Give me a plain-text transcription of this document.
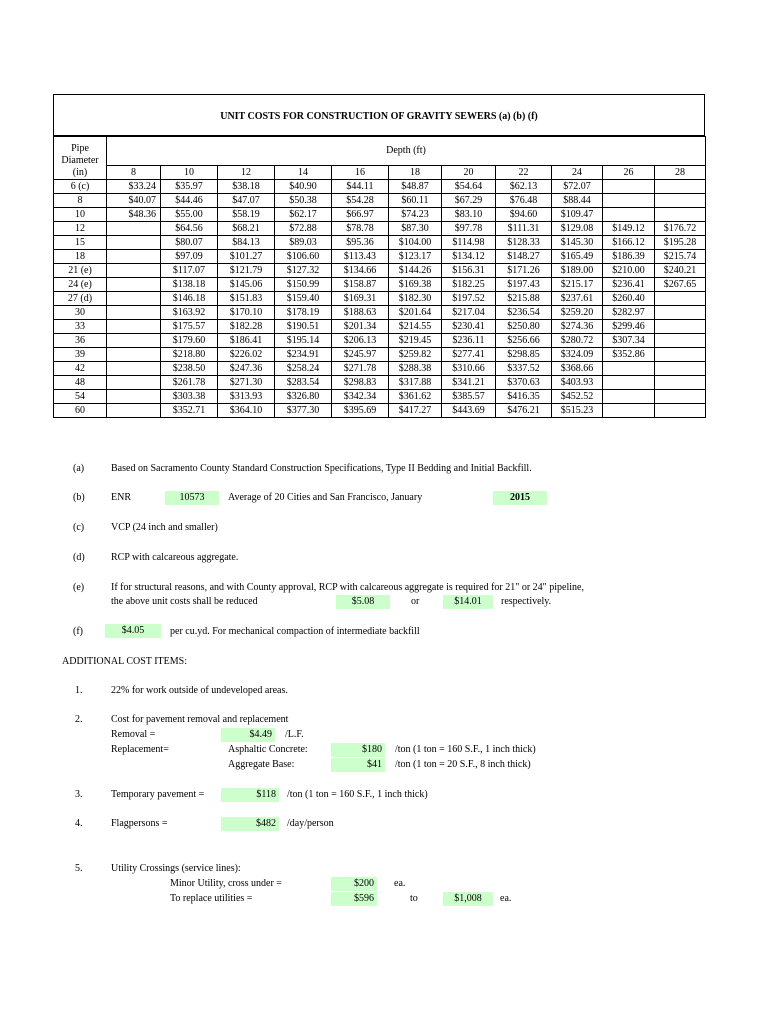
UNIT COSTS FOR CONSTRUCTION OF GRAVITY SEWERS (a) (b) (f)
Pipe
Diameter
(in)	Depth (ft)										
	8	10	12	14	16	18	20	22	24	26	28
6 (c)	$33.24	$35.97	$38.18	$40.90	$44.11	$48.87	$54.64	$62.13	$72.07		
8	$40.07	$44.46	$47.07	$50.38	$54.28	$60.11	$67.29	$76.48	$88.44		
10	$48.36	$55.00	$58.19	$62.17	$66.97	$74.23	$83.10	$94.60	$109.47		
12		$64.56	$68.21	$72.88	$78.78	$87.30	$97.78	$111.31	$129.08	$149.12	$176.72
15		$80.07	$84.13	$89.03	$95.36	$104.00	$114.98	$128.33	$145.30	$166.12	$195.28
18		$97.09	$101.27	$106.60	$113.43	$123.17	$134.12	$148.27	$165.49	$186.39	$215.74
21 (e)		$117.07	$121.79	$127.32	$134.66	$144.26	$156.31	$171.26	$189.00	$210.00	$240.21
24 (e)		$138.18	$145.06	$150.99	$158.87	$169.38	$182.25	$197.43	$215.17	$236.41	$267.65
27 (d)		$146.18	$151.83	$159.40	$169.31	$182.30	$197.52	$215.88	$237.61	$260.40	
30		$163.92	$170.10	$178.19	$188.63	$201.64	$217.04	$236.54	$259.20	$282.97	
33		$175.57	$182.28	$190.51	$201.34	$214.55	$230.41	$250.80	$274.36	$299.46	
36		$179.60	$186.41	$195.14	$206.13	$219.45	$236.11	$256.66	$280.72	$307.34	
39		$218.80	$226.02	$234.91	$245.97	$259.82	$277.41	$298.85	$324.09	$352.86	
42		$238.50	$247.36	$258.24	$271.78	$288.38	$310.66	$337.52	$368.66		
48		$261.78	$271.30	$283.54	$298.83	$317.88	$341.21	$370.63	$403.93		
54		$303.38	$313.93	$326.80	$342.34	$361.62	$385.57	$416.35	$452.52		
60		$352.71	$364.10	$377.30	$395.69	$417.27	$443.69	$476.21	$515.23		
(a)	Based on Sacramento County Standard Construction Specifications, Type II Bedding and Initial Backfill.
(b)	ENR	10573	Average of 20 Cities and San Francisco, January	2015
(c)	VCP (24 inch and smaller)
(d)	RCP with calcareous aggregate.
(e)	If for structural reasons, and with County approval, RCP with calcareous aggregate is required for 21" or 24" pipeline,
the above unit costs shall be reduced	$5.08	or	$14.01	respectively.
(f)	$4.05	per cu.yd. For mechanical compaction of intermediate backfill
ADDITIONAL COST ITEMS:
1.	22% for work outside of undeveloped areas.
2.	Cost for pavement removal and replacement
Removal =	$4.49	/L.F.
Replacement=	Asphaltic Concrete:	$180	/ton (1 ton = 160 S.F., 1 inch thick)
Aggregate Base:	$41	/ton (1 ton = 20 S.F., 8 inch thick)
3.	Temporary pavement =	$118	/ton (1 ton = 160 S.F., 1 inch thick)
4.	Flagpersons =	$482	/day/person
5.	Utility Crossings (service lines):
Minor Utility, cross under =	$200	ea.
To replace utilities =	$596	to	$1,008	ea.
